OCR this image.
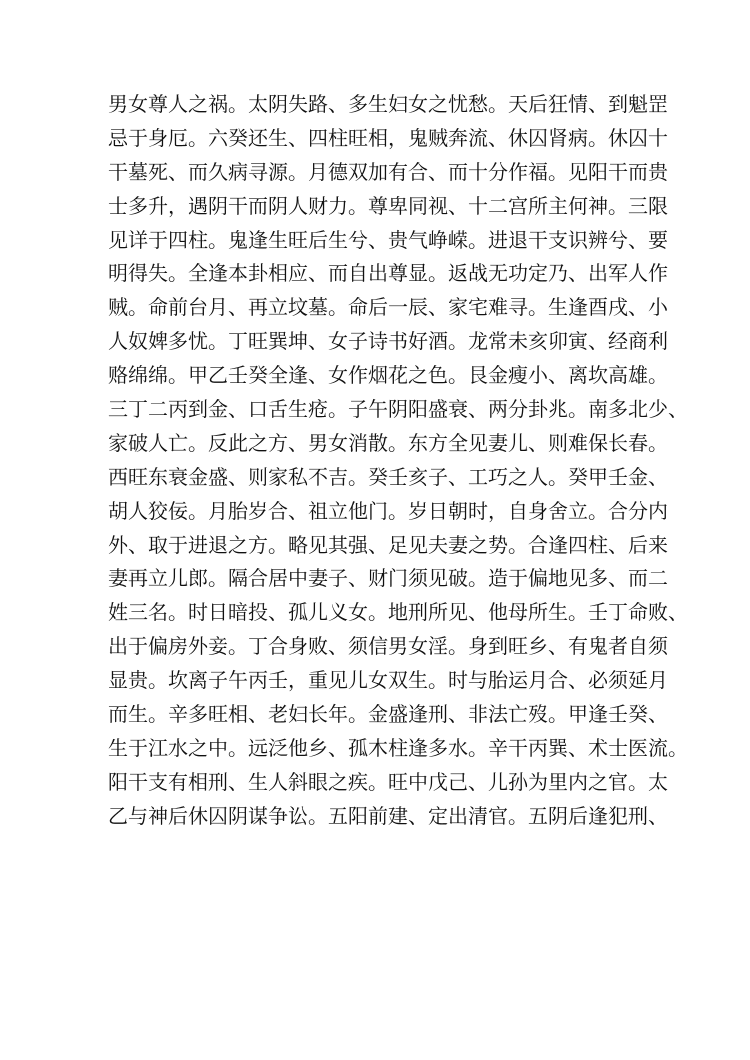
男女尊人之祸。太阴失路、多生妇女之忧愁。天后狂情、到魁罡
忌于身厄。六癸还生、四柱旺相，鬼贼奔流、休囚肾病。休囚十
干墓死、而久病寻源。月德双加有合、而十分作福。见阳干而贵
士多升，遇阴干而阴人财力。尊卑同视、十二宫所主何神。三限
见详于四柱。鬼逢生旺后生兮、贵气峥嵘。进退干支识辨兮、要
明得失。全逢本卦相应、而自出尊显。返战无功定乃、出军人作
贼。命前台月、再立坟墓。命后一辰、家宅难寻。生逢酉戌、小
人奴婢多忧。丁旺巽坤、女子诗书好酒。龙常未亥卯寅、经商利
赂绵绵。甲乙壬癸全逢、女作烟花之色。艮金瘦小、离坎高雄。
三丁二丙到金、口舌生疮。子午阴阳盛衰、两分卦兆。南多北少、
家破人亡。反此之方、男女消散。东方全见妻儿、则难保长春。
西旺东衰金盛、则家私不吉。癸壬亥子、工巧之人。癸甲壬金、
胡人狡佞。月胎岁合、祖立他门。岁日朝时，自身舍立。合分内
外、取于进退之方。略见其强、足见夫妻之势。合逢四柱、后来
妻再立儿郎。隔合居中妻子、财门须见破。造于偏地见多、而二
姓三名。时日暗投、孤儿义女。地刑所见、他母所生。壬丁命败、
出于偏房外妾。丁合身败、须信男女淫。身到旺乡、有鬼者自须
显贵。坎离子午丙壬，重见儿女双生。时与胎运月合、必须延月
而生。辛多旺相、老妇长年。金盛逢刑、非法亡歿。甲逢壬癸、
生于江水之中。远泛他乡、孤木柱逢多水。辛干丙巽、术士医流。
阳干支有相刑、生人斜眼之疾。旺中戊己、儿孙为里内之官。太
乙与神后休囚阴谋争讼。五阳前建、定出清官。五阴后逢犯刑、
